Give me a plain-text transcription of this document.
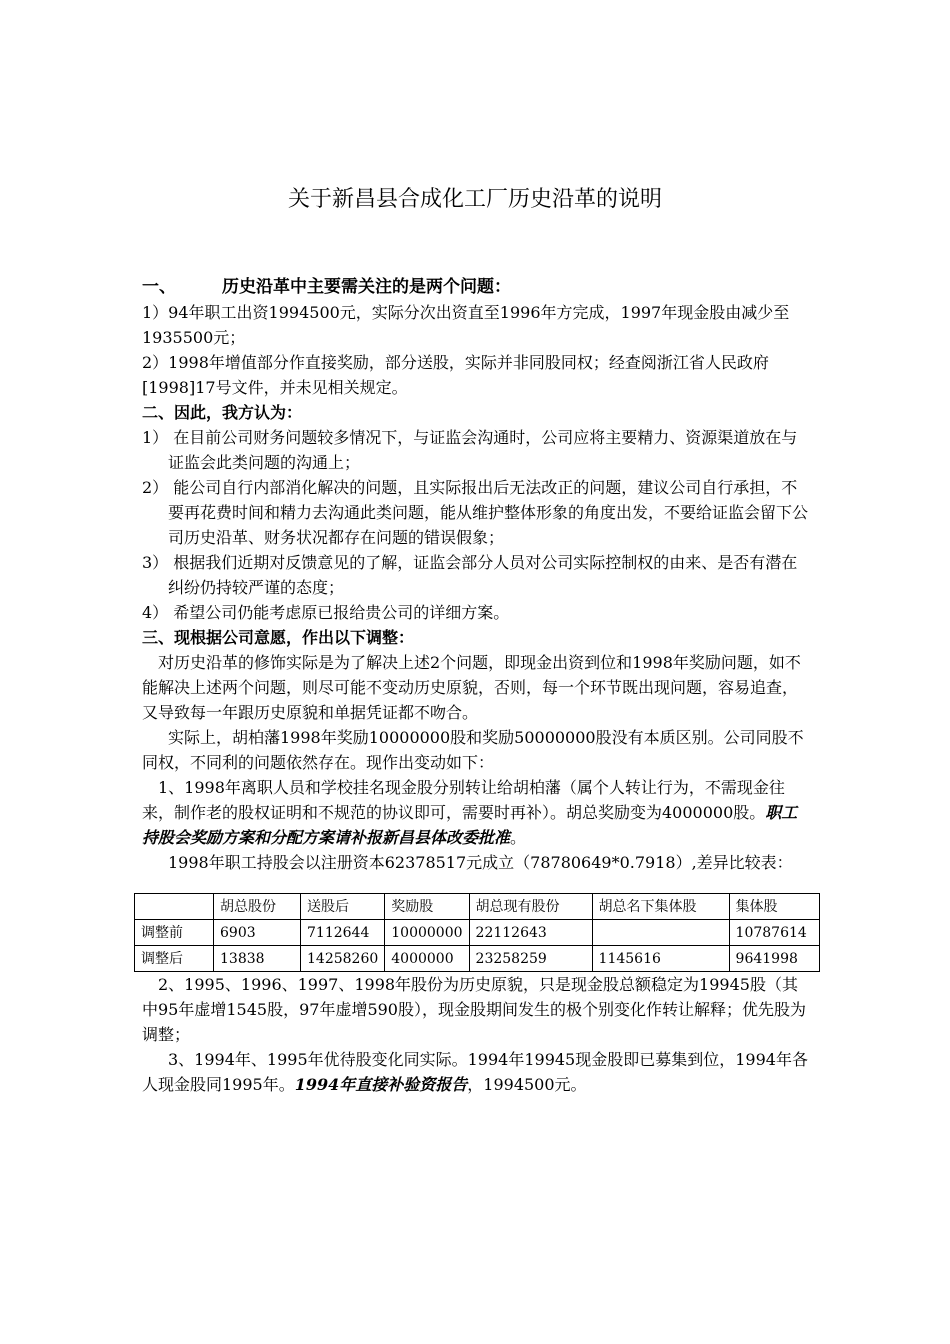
关于新昌县合成化工厂历史沿革的说明

一、	历史沿革中主要需关注的是两个问题：

1）94年职工出资1994500元，实际分次出资直至1996年方完成，1997年现金股由减少至1935500元；

2）1998年增值部分作直接奖励，部分送股，实际并非同股同权；经查阅浙江省人民政府[1998]17号文件，并未见相关规定。

二、因此，我方认为：

1） 在目前公司财务问题较多情况下，与证监会沟通时，公司应将主要精力、资源渠道放在与证监会此类问题的沟通上；

2） 能公司自行内部消化解决的问题，且实际报出后无法改正的问题，建议公司自行承担，不要再花费时间和精力去沟通此类问题，能从维护整体形象的角度出发，不要给证监会留下公司历史沿革、财务状况都存在问题的错误假象；

3） 根据我们近期对反馈意见的了解，证监会部分人员对公司实际控制权的由来、是否有潜在纠纷仍持较严谨的态度；

4） 希望公司仍能考虑原已报给贵公司的详细方案。

三、现根据公司意愿，作出以下调整：

对历史沿革的修饰实际是为了解决上述2个问题，即现金出资到位和1998年奖励问题，如不能解决上述两个问题，则尽可能不变动历史原貌，否则，每一个环节既出现问题，容易追查，又导致每一年跟历史原貌和单据凭证都不吻合。

实际上，胡柏藩1998年奖励10000000股和奖励50000000股没有本质区别。公司同股不同权，不同利的问题依然存在。现作出变动如下：

1、1998年离职人员和学校挂名现金股分别转让给胡柏藩（属个人转让行为，不需现金往来，制作老的股权证明和不规范的协议即可，需要时再补）。胡总奖励变为4000000股。职工持股会奖励方案和分配方案请补报新昌县体改委批准。

1998年职工持股会以注册资本62378517元成立（78780649*0.7918）,差异比较表：

	胡总股份	送股后	奖励股	胡总现有股份	胡总名下集体股	集体股
调整前	6903	7112644	10000000	22112643		10787614
调整后	13838	14258260	4000000	23258259	1145616	9641998

2、1995、1996、1997、1998年股份为历史原貌，只是现金股总额稳定为19945股（其中95年虚增1545股，97年虚增590股），现金股期间发生的极个别变化作转让解释；优先股为调整；

3、1994年、1995年优待股变化同实际。1994年19945现金股即已募集到位，1994年各人现金股同1995年。1994年直接补验资报告，1994500元。
